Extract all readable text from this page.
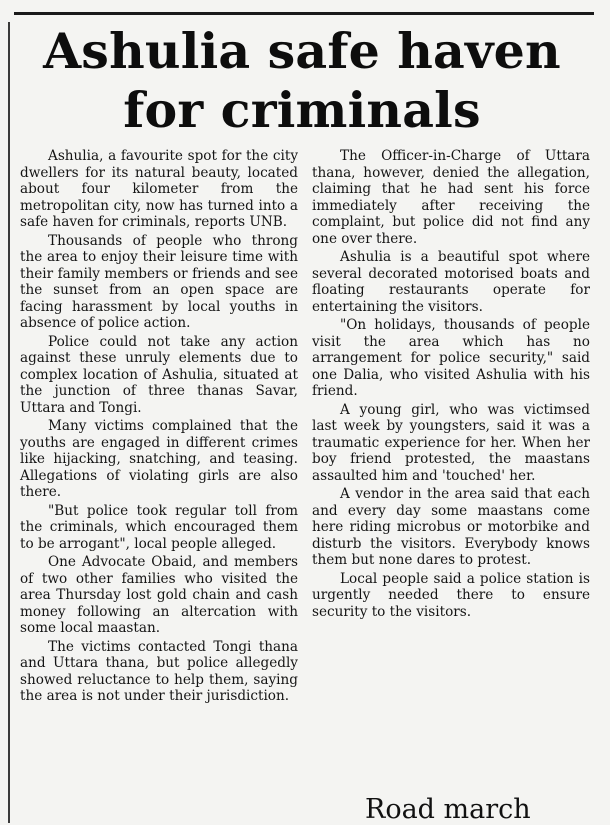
Ashulia safe haven
for criminals

Ashulia, a favourite spot for the city dwellers for its natural beauty, located about four kilometer from the metropolitan city, now has turned into a safe haven for criminals, reports UNB.

Thousands of people who throng the area to enjoy their leisure time with their family members or friends and see the sunset from an open space are facing harassment by local youths in absence of police action.

Police could not take any action against these unruly elements due to complex location of Ashulia, situated at the junction of three thanas Savar, Uttara and Tongi.

Many victims complained that the youths are engaged in different crimes like hijacking, snatching, and teasing. Allegations of violating girls are also there.

"But police took regular toll from the criminals, which encouraged them to be arrogant", local people alleged.

One Advocate Obaid, and members of two other families who visited the area Thursday lost gold chain and cash money following an altercation with some local maastan.

The victims contacted Tongi thana and Uttara thana, but police allegedly showed reluctance to help them, saying the area is not under their jurisdiction.

The Officer-in-Charge of Uttara thana, however, denied the allegation, claiming that he had sent his force immediately after receiving the complaint, but police did not find any one over there.

Ashulia is a beautiful spot where several decorated motorised boats and floating restaurants operate for entertaining the visitors.

"On holidays, thousands of people visit the area which has no arrangement for police security," said one Dalia, who visited Ashulia with his friend.

A young girl, who was victimsed last week by youngsters, said it was a traumatic experience for her. When her boy friend protested, the maastans assaulted him and 'touched' her.

A vendor in the area said that each and every day some maastans come here riding microbus or motorbike and disturb the visitors. Everybody knows them but none dares to protest.

Local people said a police station is urgently needed there to ensure security to the visitors.

Road march
